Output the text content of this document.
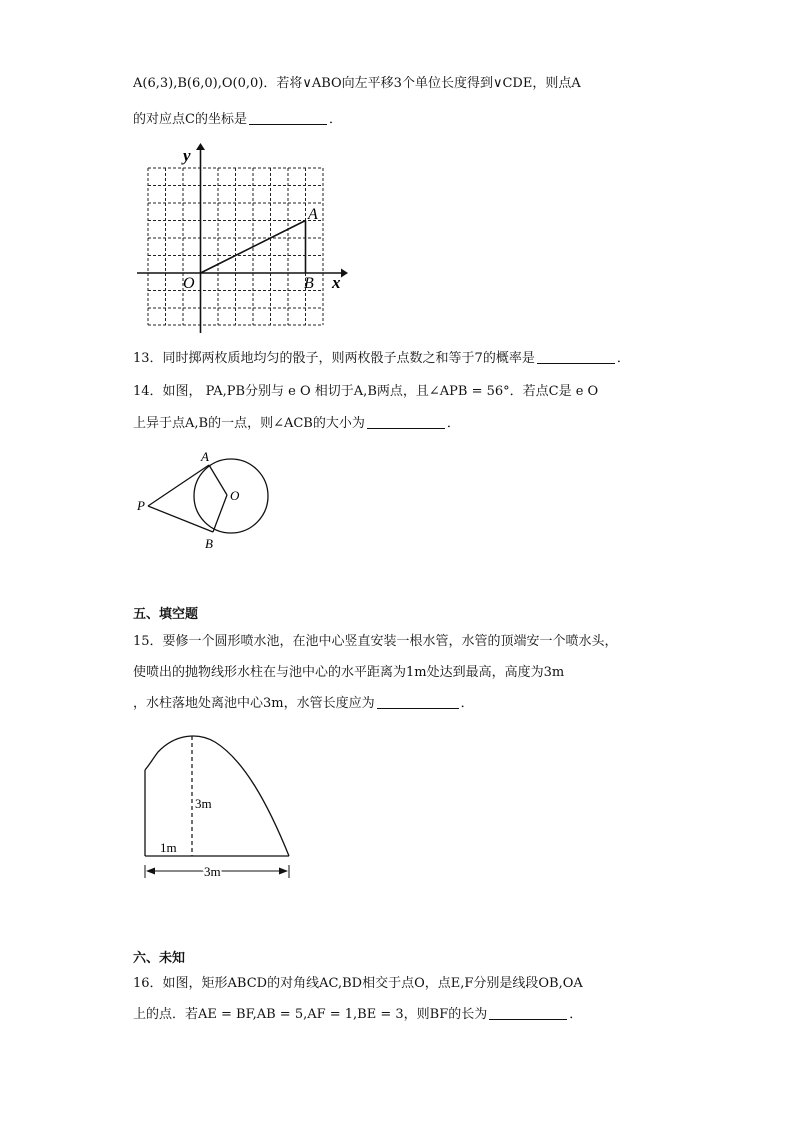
A(6,3),B(6,0),O(0,0)．若将∨ABO向左平移3个单位长度得到∨CDE，则点A
的对应点C的坐标是	．
y
x
O
A
B
13．同时掷两枚质地均匀的骰子，则两枚骰子点数之和等于7的概率是	．
14．如图， PA,PB分别与 e O 相切于A,B两点，且∠APB = 56°．若点C是 e O
上异于点A,B的一点，则∠ACB的大小为	．
P
A
B
O
五、填空题
15．要修一个圆形喷水池，在池中心竖直安装一根水管，水管的顶端安一个喷水头，
使喷出的抛物线形水柱在与池中心的水平距离为1m处达到最高，高度为3m
，水柱落地处离池中心3m，水管长度应为	．
3m
1m
3m
六、未知
16．如图，矩形ABCD的对角线AC,BD相交于点O，点E,F分别是线段OB,OA
上的点．若AE = BF,AB = 5,AF = 1,BE = 3，则BF的长为	．
